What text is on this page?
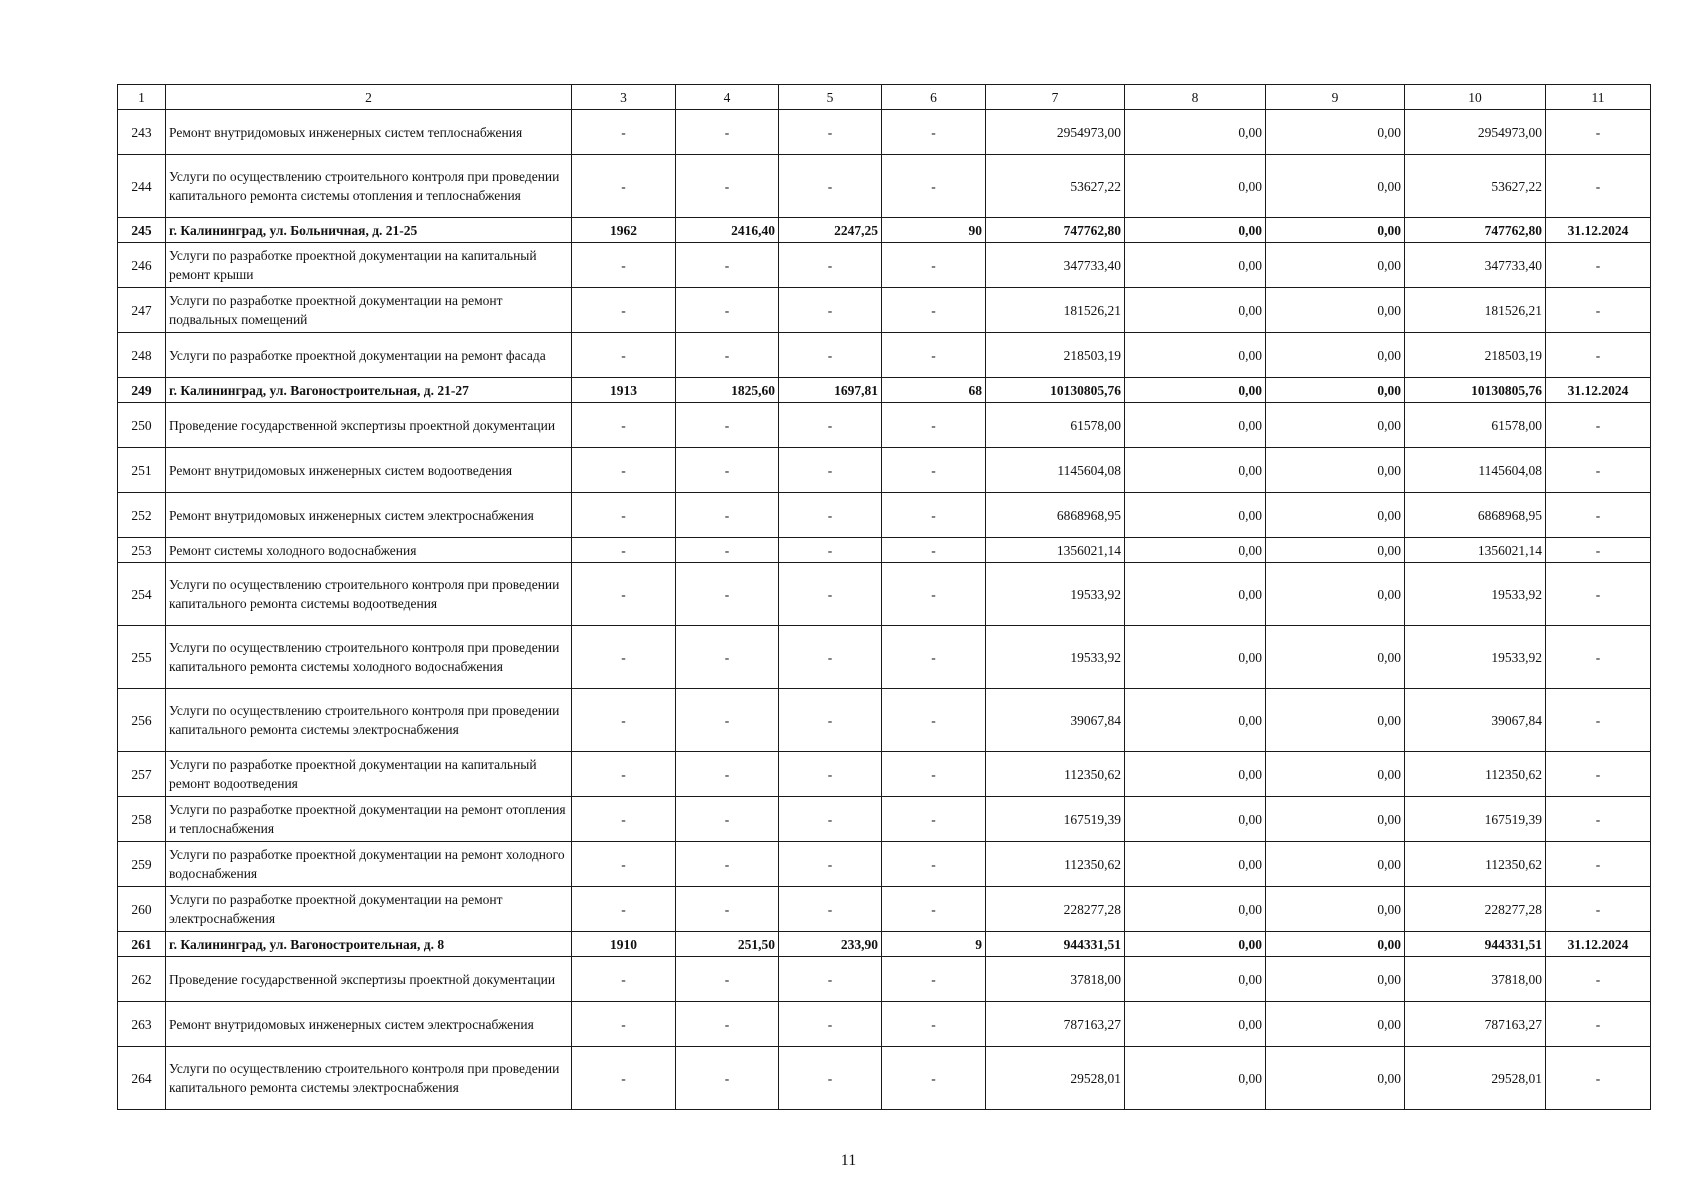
1	2	3	4	5	6	7	8	9	10	11
243	Ремонт внутридомовых инженерных систем теплоснабжения	-	-	-	-	2954973,00	0,00	0,00	2954973,00	-
244	Услуги по осуществлению строительного контроля при проведении капитального ремонта системы отопления и теплоснабжения	-	-	-	-	53627,22	0,00	0,00	53627,22	-
245	г. Калининград, ул. Больничная, д. 21-25	1962	2416,40	2247,25	90	747762,80	0,00	0,00	747762,80	31.12.2024
246	Услуги по разработке проектной документации на капитальный ремонт крыши	-	-	-	-	347733,40	0,00	0,00	347733,40	-
247	Услуги по разработке проектной документации на ремонт подвальных помещений	-	-	-	-	181526,21	0,00	0,00	181526,21	-
248	Услуги по разработке проектной документации на ремонт фасада	-	-	-	-	218503,19	0,00	0,00	218503,19	-
249	г. Калининград, ул. Вагоностроительная, д. 21-27	1913	1825,60	1697,81	68	10130805,76	0,00	0,00	10130805,76	31.12.2024
250	Проведение государственной экспертизы проектной документации	-	-	-	-	61578,00	0,00	0,00	61578,00	-
251	Ремонт внутридомовых инженерных систем водоотведения	-	-	-	-	1145604,08	0,00	0,00	1145604,08	-
252	Ремонт внутридомовых инженерных систем электроснабжения	-	-	-	-	6868968,95	0,00	0,00	6868968,95	-
253	Ремонт системы холодного водоснабжения	-	-	-	-	1356021,14	0,00	0,00	1356021,14	-
254	Услуги по осуществлению строительного контроля при проведении капитального ремонта системы водоотведения	-	-	-	-	19533,92	0,00	0,00	19533,92	-
255	Услуги по осуществлению строительного контроля при проведении капитального ремонта системы холодного водоснабжения	-	-	-	-	19533,92	0,00	0,00	19533,92	-
256	Услуги по осуществлению строительного контроля при проведении капитального ремонта системы электроснабжения	-	-	-	-	39067,84	0,00	0,00	39067,84	-
257	Услуги по разработке проектной документации на капитальный ремонт водоотведения	-	-	-	-	112350,62	0,00	0,00	112350,62	-
258	Услуги по разработке проектной документации на ремонт отопления и теплоснабжения	-	-	-	-	167519,39	0,00	0,00	167519,39	-
259	Услуги по разработке проектной документации на ремонт холодного водоснабжения	-	-	-	-	112350,62	0,00	0,00	112350,62	-
260	Услуги по разработке проектной документации на ремонт электроснабжения	-	-	-	-	228277,28	0,00	0,00	228277,28	-
261	г. Калининград, ул. Вагоностроительная, д. 8	1910	251,50	233,90	9	944331,51	0,00	0,00	944331,51	31.12.2024
262	Проведение государственной экспертизы проектной документации	-	-	-	-	37818,00	0,00	0,00	37818,00	-
263	Ремонт внутридомовых инженерных систем электроснабжения	-	-	-	-	787163,27	0,00	0,00	787163,27	-
264	Услуги по осуществлению строительного контроля при проведении капитального ремонта системы электроснабжения	-	-	-	-	29528,01	0,00	0,00	29528,01	-
11
